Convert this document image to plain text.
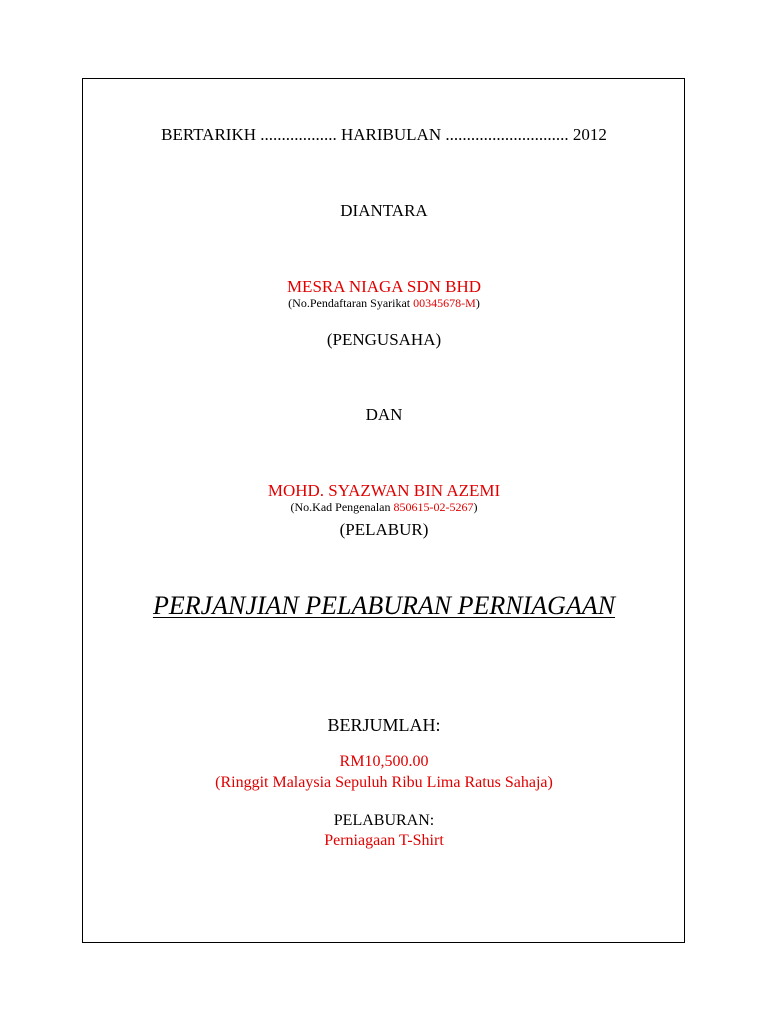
BERTARIKH .................. HARIBULAN ............................. 2012
DIANTARA
MESRA NIAGA SDN BHD
(No.Pendaftaran Syarikat 00345678-M)
(PENGUSAHA)
DAN
MOHD. SYAZWAN BIN AZEMI
(No.Kad Pengenalan 850615-02-5267)
(PELABUR)
PERJANJIAN PELABURAN PERNIAGAAN
BERJUMLAH:
RM10,500.00
(Ringgit Malaysia Sepuluh Ribu Lima Ratus Sahaja)
PELABURAN:
Perniagaan T-Shirt
